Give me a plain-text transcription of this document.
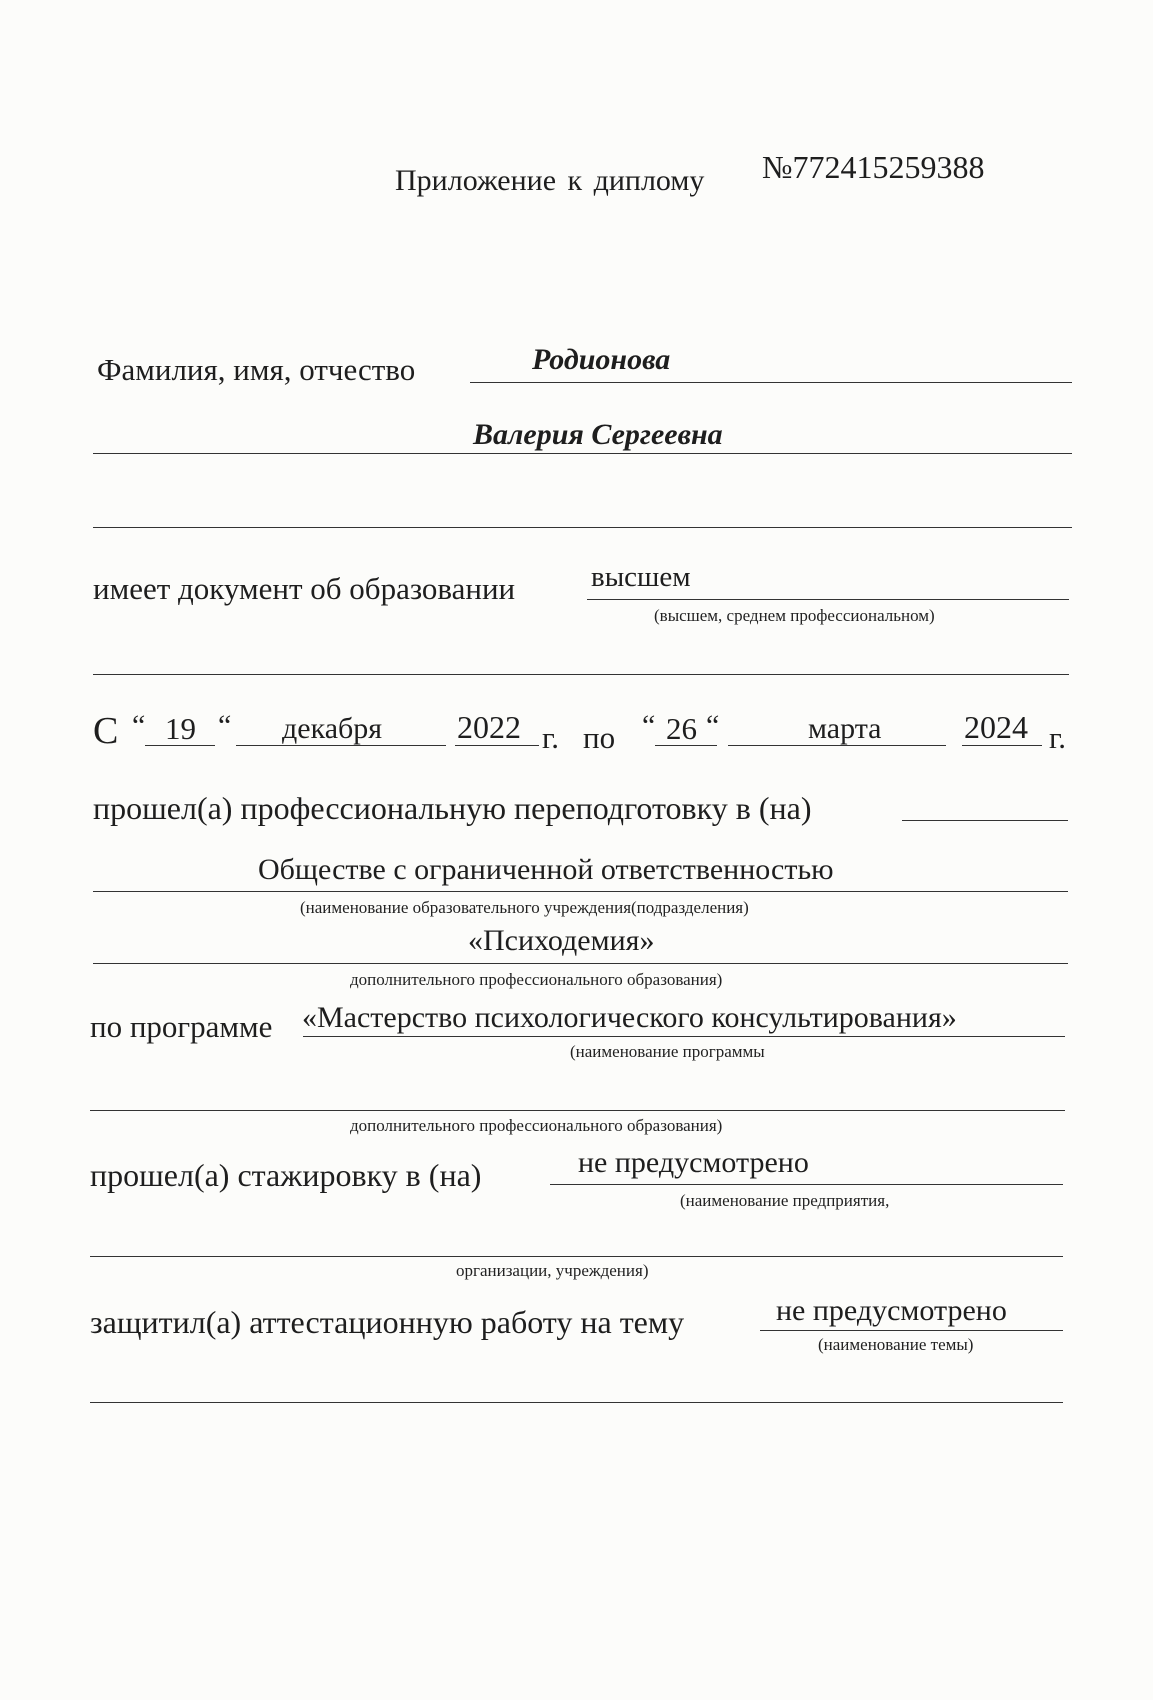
Приложение к диплому №772415259388
Фамилия, имя, отчество	Родионова
Валерия Сергеевна
имеет документ об образовании	высшем
(высшем, среднем профессиональном)
С “ 19 “ декабря 2022 г. по “ 26 “	марта	2024 г.
прошел(а) профессиональную переподготовку в (на)
Обществе с ограниченной ответственностью
(наименование образовательного учреждения(подразделения)
«Психодемия»
дополнительного профессионального образования)
по программе «Мастерство психологического консультирования»
(наименование программы
дополнительного профессионального образования)
прошел(а) стажировку в (на)	не предусмотрено
(наименование предприятия,
организации, учреждения)
защитил(а) аттестационную работу на тему	не предусмотрено
(наименование темы)
